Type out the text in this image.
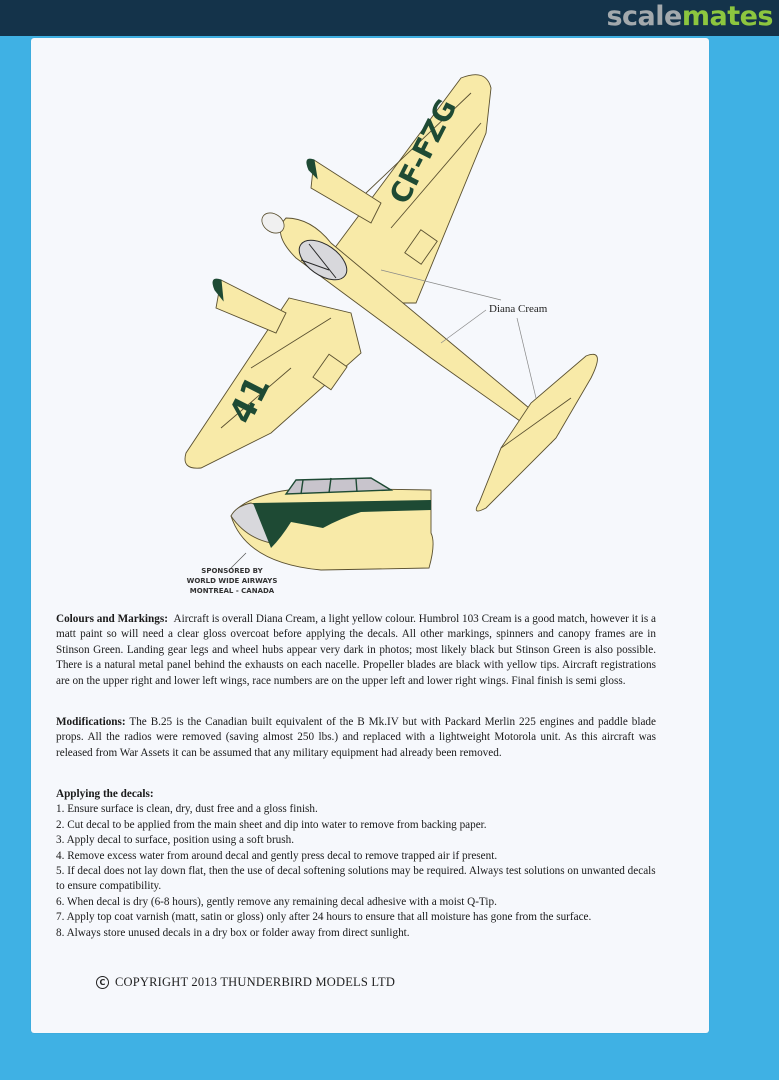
scalemates
CF-FZG
41
Diana Cream
SPONSORED BY
WORLD WIDE AIRWAYS
MONTREAL - CANADA
Colours and Markings: Aircraft is overall Diana Cream, a light yellow colour. Humbrol 103 Cream is a good match, however it is a matt paint so will need a clear gloss overcoat before applying the decals. All other markings, spinners and canopy frames are in Stinson Green. Landing gear legs and wheel hubs appear very dark in photos; most likely black but Stinson Green is also possible. There is a natural metal panel behind the exhausts on each nacelle. Propeller blades are black with yellow tips. Aircraft registrations are on the upper right and lower left wings, race numbers are on the upper left and lower right wings. Final finish is semi gloss.
Modifications: The B.25 is the Canadian built equivalent of the B Mk.IV but with Packard Merlin 225 engines and paddle blade props. All the radios were removed (saving almost 250 lbs.) and replaced with a lightweight Motorola unit. As this aircraft was released from War Assets it can be assumed that any military equipment had already been removed.
Applying the decals:
1. Ensure surface is clean, dry, dust free and a gloss finish.
2. Cut decal to be applied from the main sheet and dip into water to remove from backing paper.
3. Apply decal to surface, position using a soft brush.
4. Remove excess water from around decal and gently press decal to remove trapped air if present.
5. If decal does not lay down flat, then the use of decal softening solutions may be required. Always test solutions on unwanted decals to ensure compatibility.
6. When decal is dry (6-8 hours), gently remove any remaining decal adhesive with a moist Q-Tip.
7. Apply top coat varnish (matt, satin or gloss) only after 24 hours to ensure that all moisture has gone from the surface.
8. Always store unused decals in a dry box or folder away from direct sunlight.
C COPYRIGHT 2013 THUNDERBIRD MODELS LTD
